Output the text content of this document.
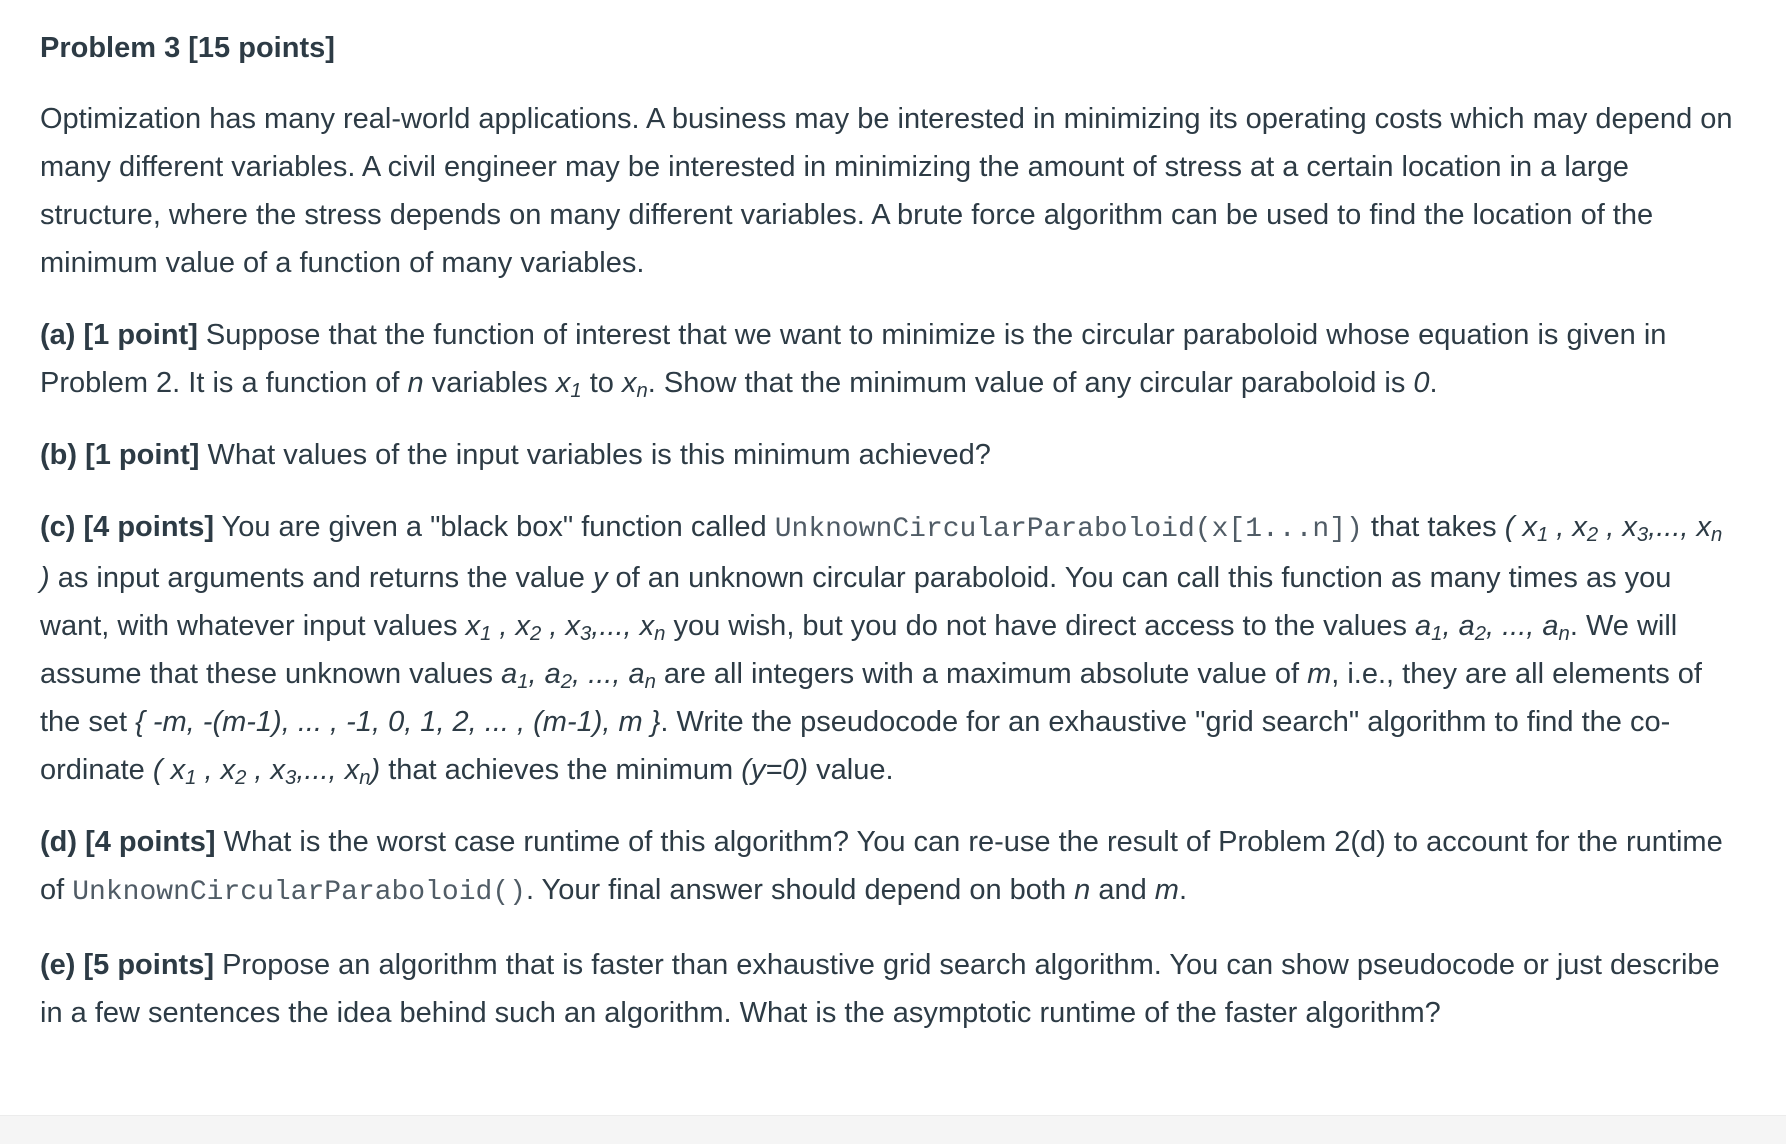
Problem 3 [15 points]

Optimization has many real-world applications. A business may be interested in minimizing its operating costs which may depend on many different variables. A civil engineer may be interested in minimizing the amount of stress at a certain location in a large structure, where the stress depends on many different variables. A brute force algorithm can be used to find the location of the minimum value of a function of many variables.

(a) [1 point] Suppose that the function of interest that we want to minimize is the circular paraboloid whose equation is given in Problem 2. It is a function of n variables $x_1$ to $x_n$. Show that the minimum value of any circular paraboloid is 0.

(b) [1 point] What values of the input variables is this minimum achieved?

(c) [4 points] You are given a "black box" function called UnknownCircularParaboloid(x[1...n]) that takes ( $x_1$ , $x_2$ , $x_3$,..., $x_n$ ) as input arguments and returns the value y of an unknown circular paraboloid. You can call this function as many times as you want, with whatever input values $x_1$ , $x_2$ , $x_3$,..., $x_n$ you wish, but you do not have direct access to the values $a_1$, $a_2$, ..., $a_n$. We will assume that these unknown values $a_1$, $a_2$, ..., $a_n$ are all integers with a maximum absolute value of m, i.e., they are all elements of the set { -m, -(m-1), ... , -1, 0, 1, 2, ... , (m-1), m }. Write the pseudocode for an exhaustive "grid search" algorithm to find the co-ordinate ( $x_1$ , $x_2$ , $x_3$,..., $x_n$) that achieves the minimum (y=0) value.

(d) [4 points] What is the worst case runtime of this algorithm? You can re-use the result of Problem 2(d) to account for the runtime of UnknownCircularParaboloid(). Your final answer should depend on both n and m.

(e) [5 points] Propose an algorithm that is faster than exhaustive grid search algorithm. You can show pseudocode or just describe in a few sentences the idea behind such an algorithm. What is the asymptotic runtime of the faster algorithm?
